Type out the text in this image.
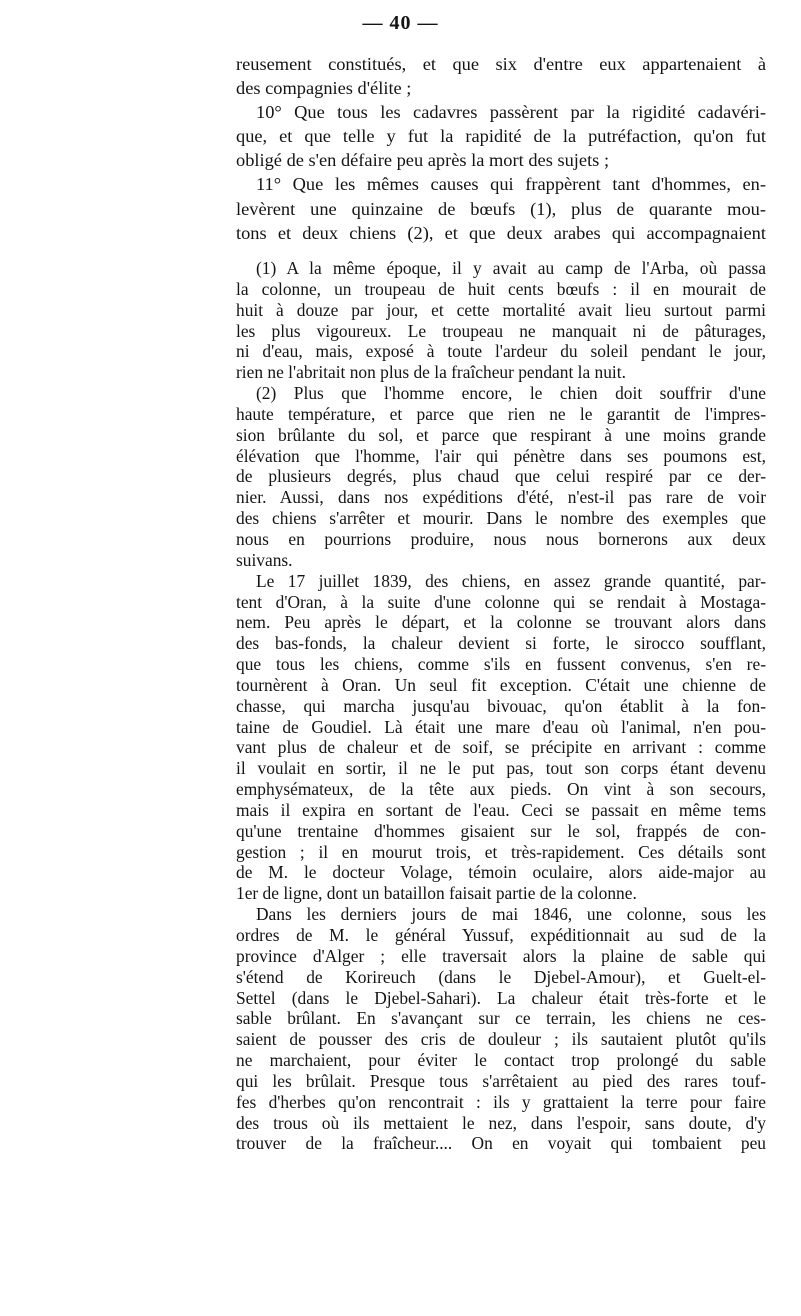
— 40 —
reusement constitués, et que six d'entre eux appartenaient à
des compagnies d'élite ;
10° Que tous les cadavres passèrent par la rigidité cadavéri-
que, et que telle y fut la rapidité de la putréfaction, qu'on fut
obligé de s'en défaire peu après la mort des sujets ;
11° Que les mêmes causes qui frappèrent tant d'hommes, en-
levèrent une quinzaine de bœufs (1), plus de quarante mou-
tons et deux chiens (2), et que deux arabes qui accompagnaient
(1) A la même époque, il y avait au camp de l'Arba, où passa
la colonne, un troupeau de huit cents bœufs : il en mourait de
huit à douze par jour, et cette mortalité avait lieu surtout parmi
les plus vigoureux. Le troupeau ne manquait ni de pâturages,
ni d'eau, mais, exposé à toute l'ardeur du soleil pendant le jour,
rien ne l'abritait non plus de la fraîcheur pendant la nuit.
(2) Plus que l'homme encore, le chien doit souffrir d'une
haute température, et parce que rien ne le garantit de l'impres-
sion brûlante du sol, et parce que respirant à une moins grande
élévation que l'homme, l'air qui pénètre dans ses poumons est,
de plusieurs degrés, plus chaud que celui respiré par ce der-
nier. Aussi, dans nos expéditions d'été, n'est-il pas rare de voir
des chiens s'arrêter et mourir. Dans le nombre des exemples que
nous en pourrions produire, nous nous bornerons aux deux
suivans.
Le 17 juillet 1839, des chiens, en assez grande quantité, par-
tent d'Oran, à la suite d'une colonne qui se rendait à Mostaga-
nem. Peu après le départ, et la colonne se trouvant alors dans
des bas-fonds, la chaleur devient si forte, le sirocco soufflant,
que tous les chiens, comme s'ils en fussent convenus, s'en re-
tournèrent à Oran. Un seul fit exception. C'était une chienne de
chasse, qui marcha jusqu'au bivouac, qu'on établit à la fon-
taine de Goudiel. Là était une mare d'eau où l'animal, n'en pou-
vant plus de chaleur et de soif, se précipite en arrivant : comme
il voulait en sortir, il ne le put pas, tout son corps étant devenu
emphysémateux, de la tête aux pieds. On vint à son secours,
mais il expira en sortant de l'eau. Ceci se passait en même tems
qu'une trentaine d'hommes gisaient sur le sol, frappés de con-
gestion ; il en mourut trois, et très-rapidement. Ces détails sont
de M. le docteur Volage, témoin oculaire, alors aide-major au
1er de ligne, dont un bataillon faisait partie de la colonne.
Dans les derniers jours de mai 1846, une colonne, sous les
ordres de M. le général Yussuf, expéditionnait au sud de la
province d'Alger ; elle traversait alors la plaine de sable qui
s'étend de Korireuch (dans le Djebel-Amour), et Guelt-el-
Settel (dans le Djebel-Sahari). La chaleur était très-forte et le
sable brûlant. En s'avançant sur ce terrain, les chiens ne ces-
saient de pousser des cris de douleur ; ils sautaient plutôt qu'ils
ne marchaient, pour éviter le contact trop prolongé du sable
qui les brûlait. Presque tous s'arrêtaient au pied des rares touf-
fes d'herbes qu'on rencontrait : ils y grattaient la terre pour faire
des trous où ils mettaient le nez, dans l'espoir, sans doute, d'y
trouver de la fraîcheur.... On en voyait qui tombaient peu
